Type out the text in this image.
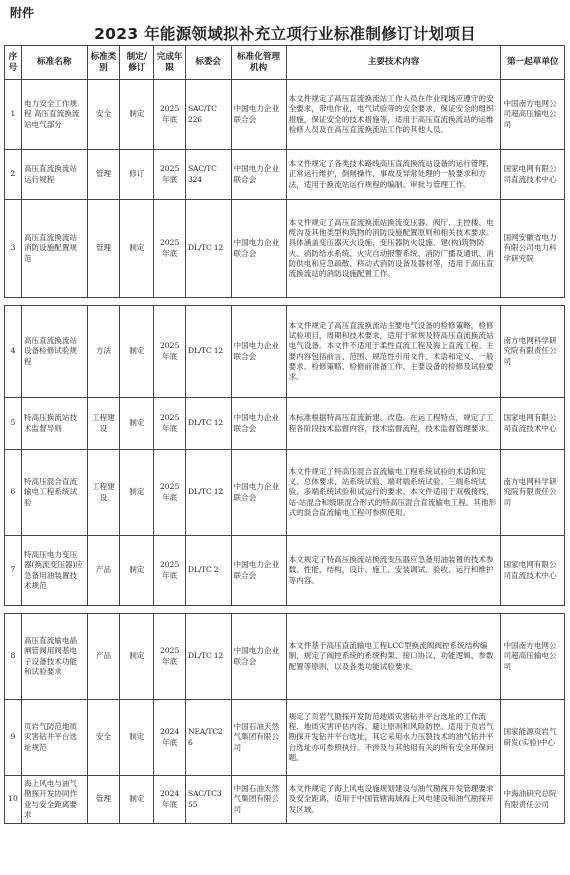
附件
2023 年能源领域拟补充立项行业标准制修订计划项目
序号	标准名称	标准类别	制定/修订	完成年限	标委会	标准化管理机构	主要技术内容	第一起草单位
1	电力安全工作规程 高压直流换流站电气部分	安全	制定	2025年底	SAC/TC 226	中国电力企业联合会	本文件规定了高压直流换流站工作人员在作业现场应遵守的安全要求，带电作业，电气试验等的安全要求，保证安全的组织措施，保证安全的技术措施等，适用于高压直流换流站的运维检修人员及在高压直流换流站工作的其他人员。	中国南方电网公司超高压输电公司
2	高压直流换流站运行规程	管理	修订	2025年底	SAC/TC 324	中国电力企业联合会	本文件规定了各类技术路线高压直流换流站设备的运行管理，正常运行维护，倒闸操作，事故及异常处理的一般要求和方法，适用于换流站运行规程的编制、审批与管理工作。	国家电网有限公司直流技术中心
3	高压直流换流站消防设施配置规范	管理	制定	2025年底	DL/TC 12	中国电力企业联合会	本文件规定了高压直流换流站换流变压器、阀厅、主控楼、电缆沟及其他类型构筑物的消防设施配置原则和相关技术要求。具体涵盖变压器灭火设施、变压器防火设施、建(构)筑物防火、消防给水系统、火灾自动报警系统、消防广播及通讯、消防供电和应急疏散、移动式消防设备及器材等，适用于高压直流换流站的消防设施配置工作。	国网安徽省电力有限公司电力科学研究院

4	高压直流换流站设备检修试验规程	方法	制定	2025年底	DL/TC 12	中国电力企业联合会	本文件规定了高压直流换流站主要电气设备的检修策略，检修试验项目，周期和技术要求，适用于常规及特高压直流换流站电气设备。本文件不适用于柔性直流工程及海上直流工程。主要内容包括前言、范围、规范性引用文件、术语和定义、一般要求、检修策略、检修前准备工作、主要设备的检修及试验要求。	南方电网科学研究院有限责任公司
5	特高压换流站技术监督导则	工程建设	制定	2025年底	DL/TC 12	中国电力企业联合会	本标准根据特高压直流新建、改造、在运工程特点，规定了工程各阶段技术监督内容，技术监督流程，技术监督管理要求。	国家电网有限公司直流技术中心
6	特高压混合直流输电工程系统试验	工程建设	制定	2025年底	DL/TC 12	中国电力企业联合会	本文件规定了特高压混合直流输电工程系统试验的术语和定义、总体要求、站系统试验、端对端系统试验、三端系统试验、多端系统试验和试运行的要求。本文件适用于双极接线、站-站混合和级联混合形式的特高压混合直流输电工程。其他形式的混合直流输电工程可参照使用。	南方电网科学研究院有限责任公司
7	特高压电力变压器(换流变压器)应急备用油装置技术规范	产品	制定	2025年底	DL/TC 2	中国电力企业联合会	本文规定了特高压换流站换流变压器应急备用油装置的技术参数、性能、结构，设计、施工、安装调试、验收、运行和维护等内容。	国家电网有限公司直流技术中心

8	高压直流输电晶闸管阀用阀基电子设备技术功能和试验要求	产品	制定	2025年底	DL/TC 12	中国电力企业联合会	本文件基于高压直流输电工程LCC型换流阀阀控系统结构编制，规定了阀控系统的系统构架、接口协议、功能逻辑、参数配置等原则，以及各类功能试验要求。	中国南方电网公司超高压输电公司
9	页岩气防范地质灾害钻井平台选址规范	安全	制定	2024年底	NEA/TC2 6	中国石油天然气集团有限公司	规定了页岩气勘探开发防范地质灾害钻井平台选址的工作流程、地质灾害评估内容、避让原则和风险防控。适用于页岩气勘探开发钻井平台选址，其它采用水力压裂技术的油气钻井平台选址亦可参照执行。不涉及与其他用有关的所有安全环保问题。	国家能源页岩气研发(实验)中心
10	海上风电与油气勘探开发协同作业与安全距离要求	管理	制定	2024年底	SAC/TC3 55	中国石油天然气集团有限公司	本文件规定了海上风电设施规划建设与油气勘探开发管理要求及安全距离，适用于中国管辖海域海上风电建设和油气勘探开发区域。	中海油研究总院有限责任公司
